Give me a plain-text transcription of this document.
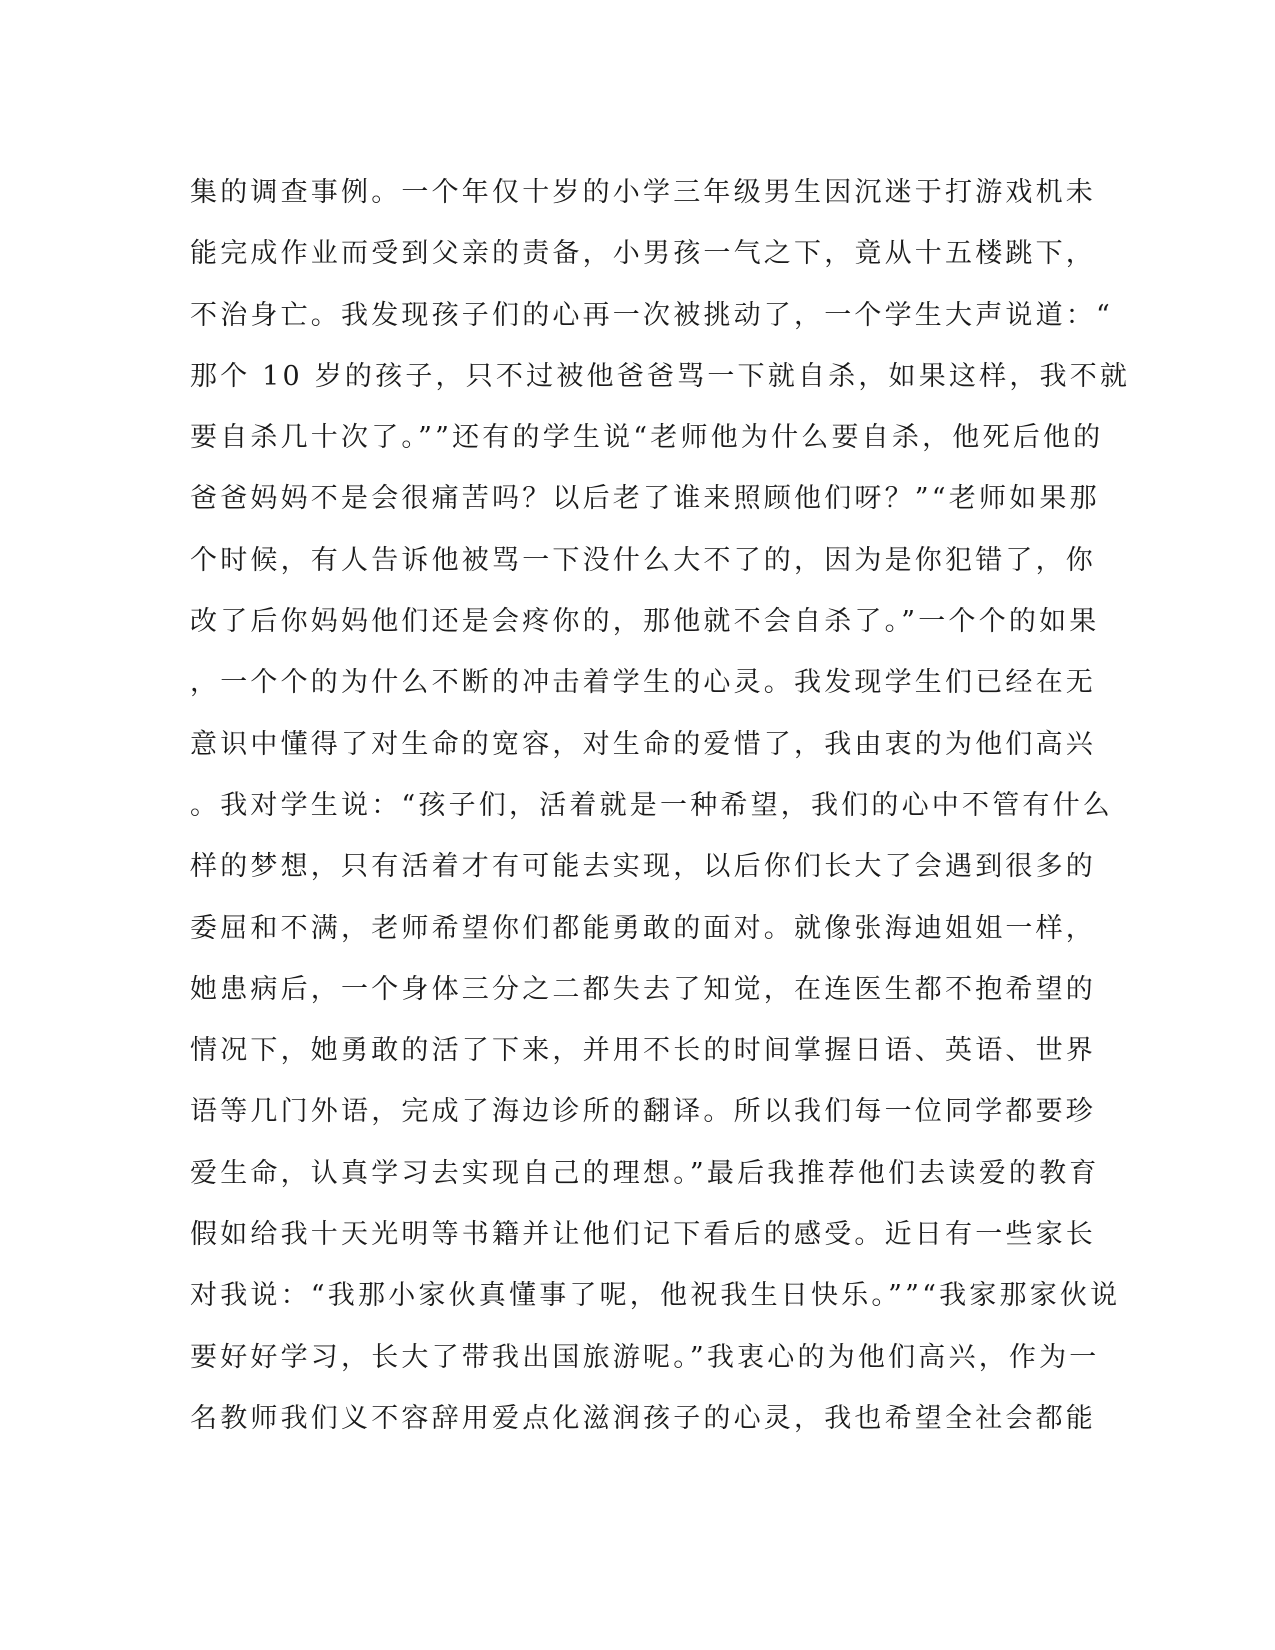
集的调查事例。一个年仅十岁的小学三年级男生因沉迷于打游戏机未
能完成作业而受到父亲的责备，小男孩一气之下，竟从十五楼跳下，
不治身亡。我发现孩子们的心再一次被挑动了，一个学生大声说道：“
那个 10 岁的孩子，只不过被他爸爸骂一下就自杀，如果这样，我不就
要自杀几十次了。””还有的学生说“老师他为什么要自杀，他死后他的
爸爸妈妈不是会很痛苦吗？以后老了谁来照顾他们呀？”“老师如果那
个时候，有人告诉他被骂一下没什么大不了的，因为是你犯错了，你
改了后你妈妈他们还是会疼你的，那他就不会自杀了。”一个个的如果
，一个个的为什么不断的冲击着学生的心灵。我发现学生们已经在无
意识中懂得了对生命的宽容，对生命的爱惜了，我由衷的为他们高兴
。我对学生说：“孩子们，活着就是一种希望，我们的心中不管有什么
样的梦想，只有活着才有可能去实现，以后你们长大了会遇到很多的
委屈和不满，老师希望你们都能勇敢的面对。就像张海迪姐姐一样，
她患病后，一个身体三分之二都失去了知觉，在连医生都不抱希望的
情况下，她勇敢的活了下来，并用不长的时间掌握日语、英语、世界
语等几门外语，完成了海边诊所的翻译。所以我们每一位同学都要珍
爱生命，认真学习去实现自己的理想。”最后我推荐他们去读爱的教育
假如给我十天光明等书籍并让他们记下看后的感受。近日有一些家长
对我说：“我那小家伙真懂事了呢，他祝我生日快乐。””“我家那家伙说
要好好学习，长大了带我出国旅游呢。”我衷心的为他们高兴，作为一
名教师我们义不容辞用爱点化滋润孩子的心灵，我也希望全社会都能
